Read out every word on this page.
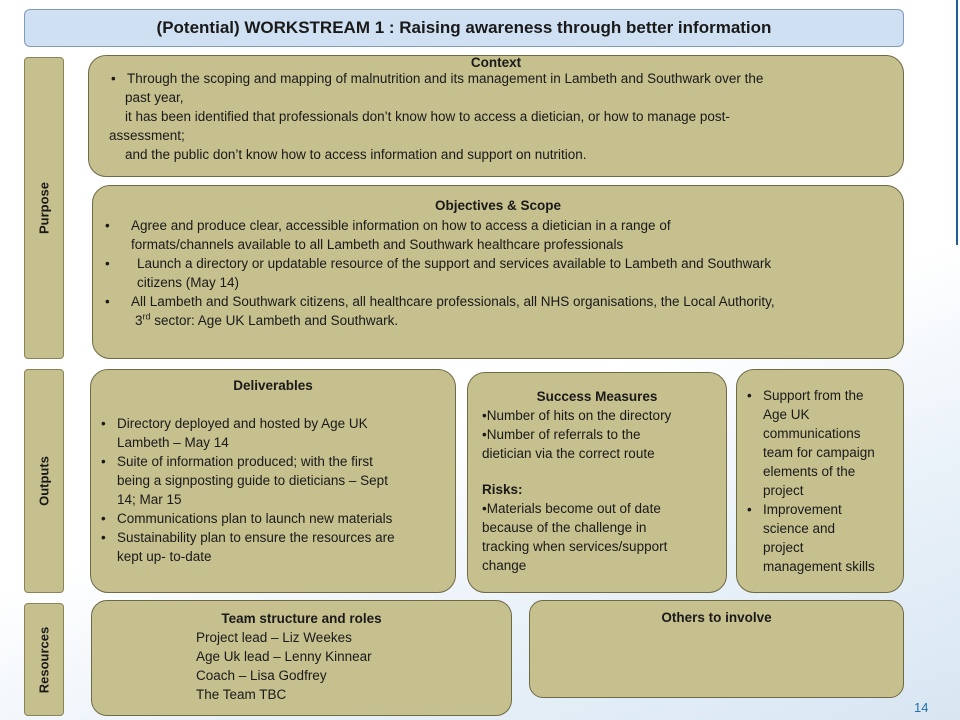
(Potential) WORKSTREAM 1 : Raising awareness through better information
Purpose
Outputs
Resources
Context
• Through the scoping and mapping of malnutrition and its management in Lambeth and Southwark over the
past year,
it has been identified that professionals don’t know how to access a dietician, or how to manage post-
assessment;
and the public don’t know how to access information and support on nutrition.
Objectives & Scope
• Agree and produce clear, accessible information on how to access a dietician in a range of
formats/channels available to all Lambeth and Southwark healthcare professionals
• Launch a directory or updatable resource of the support and services available to Lambeth and Southwark
citizens (May 14)
• All Lambeth and Southwark citizens, all healthcare professionals, all NHS organisations, the Local Authority,
3rd sector: Age UK Lambeth and Southwark.
Deliverables
• Directory deployed and hosted by Age UK
Lambeth – May 14
• Suite of information produced; with the first
being a signposting guide to dieticians – Sept
14; Mar 15
• Communications plan to launch new materials
• Sustainability plan to ensure the resources are
kept up- to-date
Success Measures
•Number of hits on the directory
•Number of referrals to the
dietician via the correct route
Risks:
•Materials become out of date
because of the challenge in
tracking when services/support
change
• Support from the
Age UK
communications
team for campaign
elements of the
project
• Improvement
science and
project
management skills
Team structure and roles
Project lead – Liz Weekes
Age Uk lead – Lenny Kinnear
Coach – Lisa Godfrey
The Team TBC
Others to involve
14
